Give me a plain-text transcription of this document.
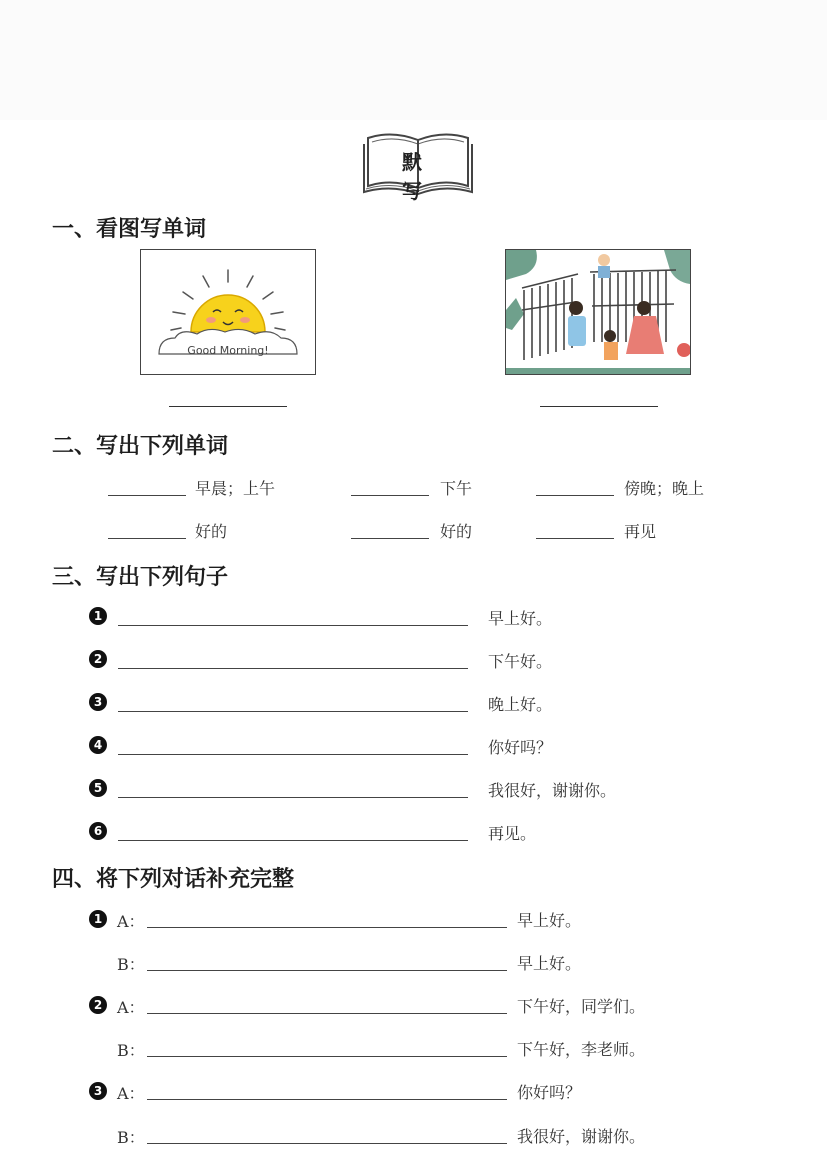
默 写
一、看图写单词
Good Morning!
二、写出下列单词
早晨；上午	下午	傍晚；晚上
好的	好的	再见
三、写出下列句子
1	早上好。
2	下午好。
3	晚上好。
4	你好吗？
5	我很好，谢谢你。
6	再见。
四、将下列对话补充完整
1 A：	早上好。
B：	早上好。
2 A：	下午好，同学们。
B：	下午好，李老师。
3 A：	你好吗？
B：	我很好，谢谢你。
